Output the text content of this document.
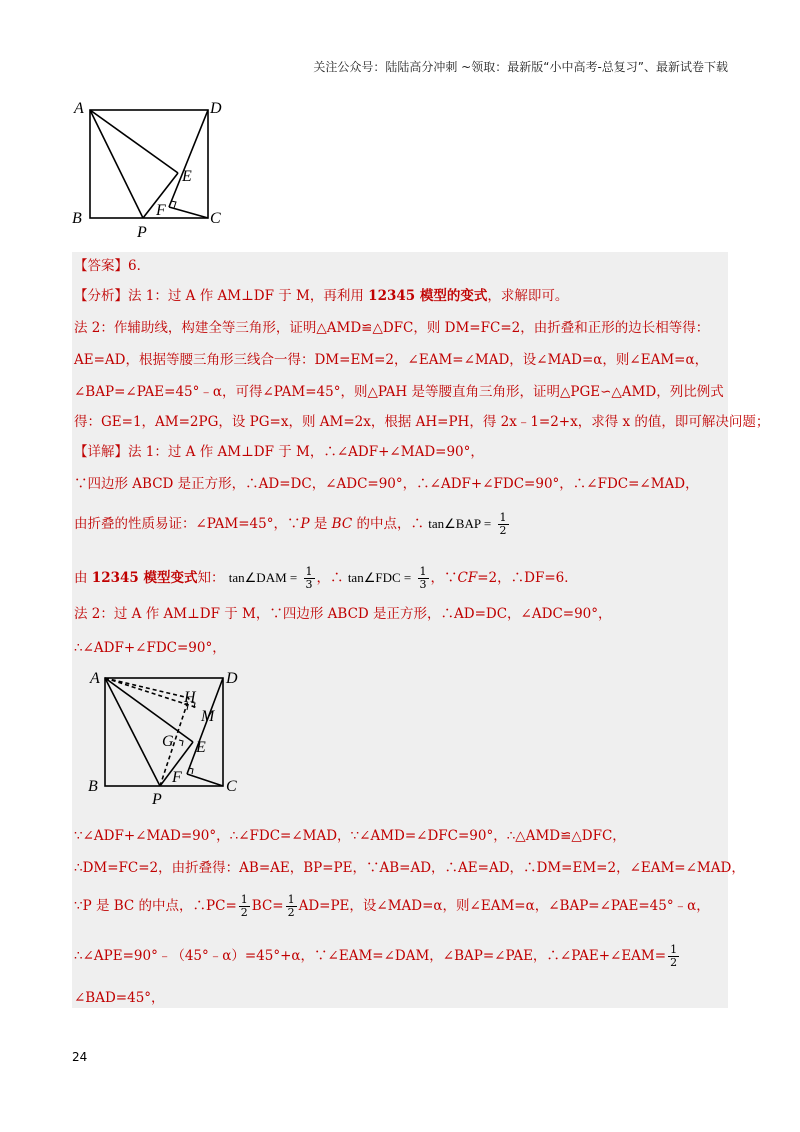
关注公众号：陆陆高分冲刺 ~领取：最新版“小中高考-总复习”、最新试卷下载
A	D
B	C
P
E
F
【答案】6．
【分析】法 1：过 A 作 AM⊥DF 于 M，再利用 12345 模型的变式，求解即可。
法 2：作辅助线，构建全等三角形，证明△AMD≌△DFC，则 DM=FC=2，由折叠和正形的边长相等得：
AE=AD，根据等腰三角形三线合一得：DM=EM=2，∠EAM=∠MAD，设∠MAD=α，则∠EAM=α，
∠BAP=∠PAE=45°﹣α，可得∠PAM=45°，则△PAH 是等腰直角三角形，证明△PGE∽△AMD，列比例式
得：GE=1，AM=2PG，设 PG=x，则 AM=2x，根据 AH=PH，得 2x﹣1=2+x，求得 x 的值，即可解决问题；
【详解】法 1：过 A 作 AM⊥DF 于 M，∴∠ADF+∠MAD=90°，
∵四边形 ABCD 是正方形，∴AD=DC，∠ADC=90°，∴∠ADF+∠FDC=90°，∴∠FDC=∠MAD，
由折叠的性质易证：∠PAM=45°，∵P 是 BC 的中点，∴ tan∠BAP = $\frac{1}{2}$
由 12345 模型变式知： tan∠DAM = $\frac{1}{3}$ ，∴ tan∠FDC = $\frac{1}{3}$ ，∵CF=2，∴DF=6．
法 2：过 A 作 AM⊥DF 于 M，∵四边形 ABCD 是正方形，∴AD=DC，∠ADC=90°，
∴∠ADF+∠FDC=90°，
A	D
B	C
P
E
F
H
M
G
∵∠ADF+∠MAD=90°，∴∠FDC=∠MAD，∵∠AMD=∠DFC=90°，∴△AMD≌△DFC，
∴DM=FC=2，由折叠得：AB=AE，BP=PE，∵AB=AD，∴AE=AD，∴DM=EM=2，∠EAM=∠MAD，
∵P 是 BC 的中点，∴PC= $\frac{1}{2} BC= \frac{1}{2} AD=PE$，设∠MAD=α，则∠EAM=α，∠BAP=∠PAE=45°﹣α，
∴∠APE=90°﹣（45°﹣α）=45°+α，∵∠EAM=∠DAM，∠BAP=∠PAE，∴∠PAE+∠EAM= $\frac{1}{2}$
∠BAD=45°，
24
